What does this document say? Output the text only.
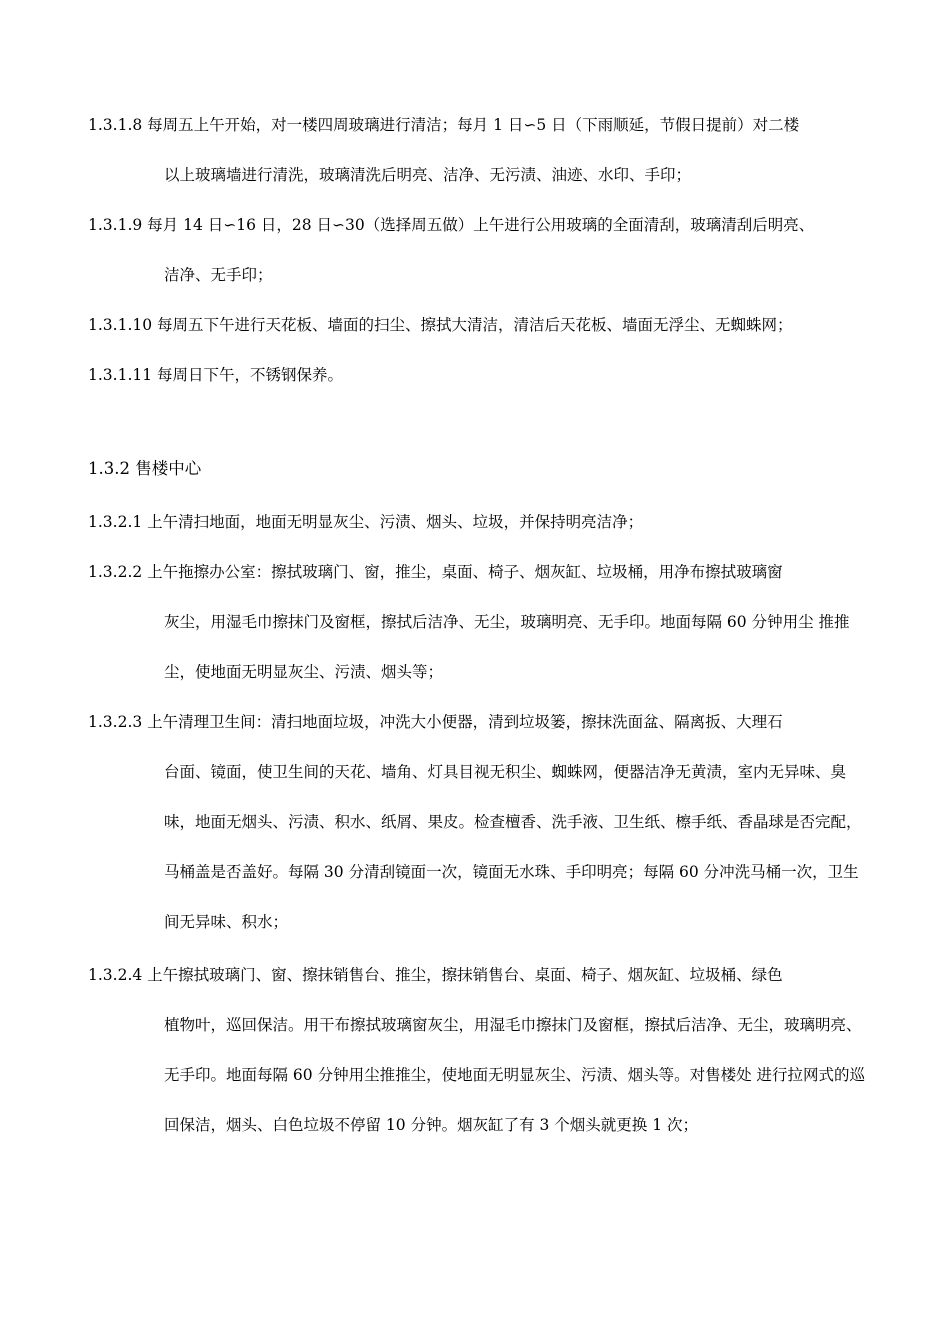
1.3.1.8 每周五上午开始，对一楼四周玻璃进行清洁；每月 1 日∽5 日（下雨顺延，节假日提前）对二楼
以上玻璃墙进行清洗，玻璃清洗后明亮、洁净、无污渍、油迹、水印、手印；
1.3.1.9 每月 14 日∽16 日，28 日∽30（选择周五做）上午进行公用玻璃的全面清刮，玻璃清刮后明亮、
洁净、无手印；
1.3.1.10 每周五下午进行天花板、墙面的扫尘、擦拭大清洁，清洁后天花板、墙面无浮尘、无蜘蛛网；
1.3.1.11 每周日下午，不锈钢保养。
1.3.2 售楼中心
1.3.2.1 上午清扫地面，地面无明显灰尘、污渍、烟头、垃圾，并保持明亮洁净；
1.3.2.2 上午拖擦办公室：擦拭玻璃门、窗，推尘，桌面、椅子、烟灰缸、垃圾桶，用净布擦拭玻璃窗
灰尘，用湿毛巾擦抹门及窗框，擦拭后洁净、无尘，玻璃明亮、无手印。地面每隔 60 分钟用尘 推推尘，使地面无明显灰尘、污渍、烟头等；
1.3.2.3 上午清理卫生间：清扫地面垃圾，冲洗大小便器，清到垃圾篓，擦抹洗面盆、隔离扳、大理石
台面、镜面，使卫生间的天花、墙角、灯具目视无积尘、蜘蛛网，便器洁净无黄渍，室内无异味、臭味，地面无烟头、污渍、积水、纸屑、果皮。检查檀香、洗手液、卫生纸、檫手纸、香晶球是否完配，马桶盖是否盖好。每隔 30 分清刮镜面一次，镜面无水珠、手印明亮；每隔 60 分冲洗马桶一次，卫生间无异味、积水；
1.3.2.4 上午擦拭玻璃门、窗、擦抹销售台、推尘，擦抹销售台、桌面、椅子、烟灰缸、垃圾桶、绿色
植物叶，巡回保洁。用干布擦拭玻璃窗灰尘，用湿毛巾擦抹门及窗框，擦拭后洁净、无尘，玻璃明亮、无手印。地面每隔 60 分钟用尘推推尘，使地面无明显灰尘、污渍、烟头等。对售楼处 进行拉网式的巡回保洁，烟头、白色垃圾不停留 10 分钟。烟灰缸了有 3 个烟头就更换 1 次；
